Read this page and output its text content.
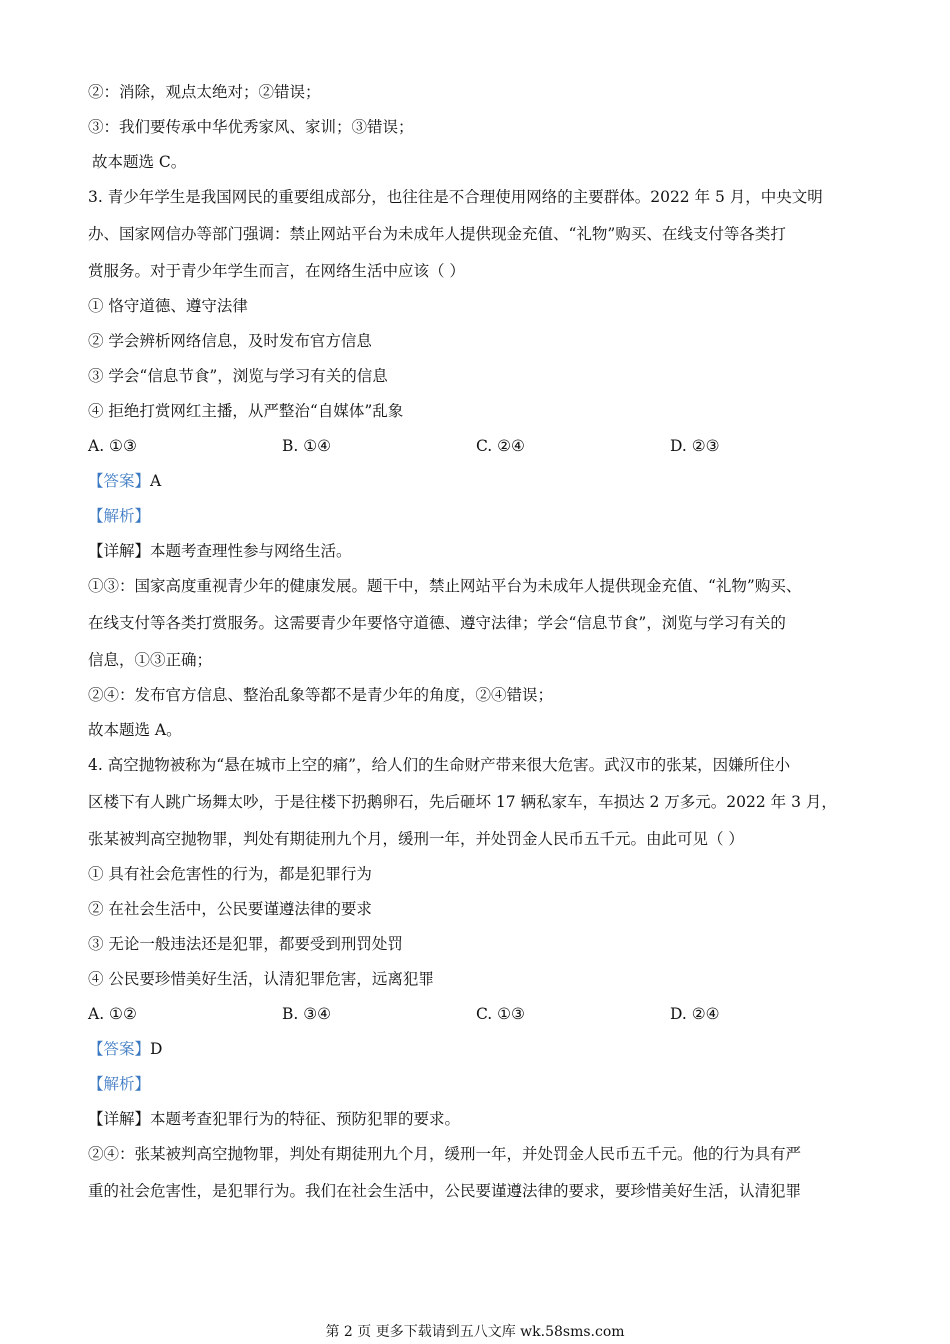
②：消除，观点太绝对；②错误；
③：我们要传承中华优秀家风、家训；③错误；
故本题选 C。
3. 青少年学生是我国网民的重要组成部分，也往往是不合理使用网络的主要群体。2022 年 5 月，中央文明
办、国家网信办等部门强调：禁止网站平台为未成年人提供现金充值、“礼物”购买、在线支付等各类打
赏服务。对于青少年学生而言，在网络生活中应该（ ）
① 恪守道德、遵守法律
② 学会辨析网络信息，及时发布官方信息
③ 学会“信息节食”，浏览与学习有关的信息
④ 拒绝打赏网红主播，从严整治“自媒体”乱象
A. ①③	B. ①④	C. ②④	D. ②③
【答案】A
【解析】
【详解】本题考查理性参与网络生活。
①③：国家高度重视青少年的健康发展。题干中，禁止网站平台为未成年人提供现金充值、“礼物”购买、
在线支付等各类打赏服务。这需要青少年要恪守道德、遵守法律；学会“信息节食”，浏览与学习有关的
信息，①③正确；
②④：发布官方信息、整治乱象等都不是青少年的角度，②④错误；
故本题选 A。
4. 高空抛物被称为“悬在城市上空的痛”，给人们的生命财产带来很大危害。武汉市的张某，因嫌所住小
区楼下有人跳广场舞太吵，于是往楼下扔鹅卵石，先后砸坏 17 辆私家车，车损达 2 万多元。2022 年 3 月，
张某被判高空抛物罪，判处有期徒刑九个月，缓刑一年，并处罚金人民币五千元。由此可见（ ）
① 具有社会危害性的行为，都是犯罪行为
② 在社会生活中，公民要谨遵法律的要求
③ 无论一般违法还是犯罪，都要受到刑罚处罚
④ 公民要珍惜美好生活，认清犯罪危害，远离犯罪
A. ①②	B. ③④	C. ①③	D. ②④
【答案】D
【解析】
【详解】本题考查犯罪行为的特征、预防犯罪的要求。
②④：张某被判高空抛物罪，判处有期徒刑九个月，缓刑一年，并处罚金人民币五千元。他的行为具有严
重的社会危害性，是犯罪行为。我们在社会生活中，公民要谨遵法律的要求，要珍惜美好生活，认清犯罪
第 2 页 更多下载请到五八文库 wk.58sms.com
